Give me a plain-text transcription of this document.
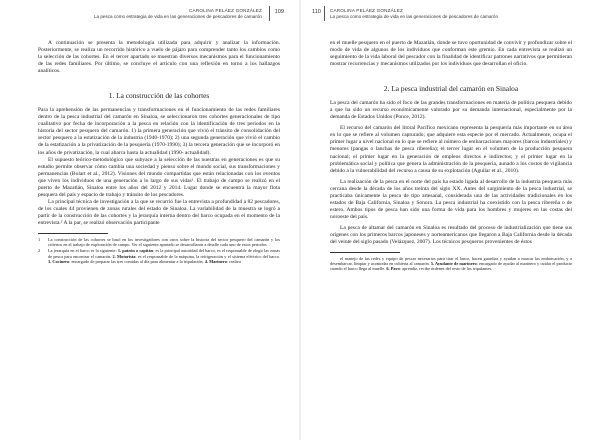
CAROLINA PELÁEZ GONZÁLEZ
La pesca como estrategia de vida en las generaciones de pescadores de camarón
109

A continuación se presenta la metodología utilizada para adquirir y analizar la información. Posteriormente, se realiza un recorrido histórico a vuelo de pájaro para comprender tanto los cambios como la selección de las cohortes. En el tercer apartado se muestran diversos mecanismos para el funcionamiento de las redes familiares. Por último, se concluye el artículo con una reflexión en torno a los hallazgos analíticos.

1. La construcción de las cohortes

Para la aprehensión de las permanencias y transformaciones en el funcionamiento de las redes familiares dentro de la pesca industrial del camarón en Sinaloa, se seleccionaron tres cohortes generacionales de tipo cualitativo por fecha de incorporación a la pesca en relación con la identificación de tres periodos en la historia del sector pesquero del camarón. 1) la primera generación que vivió el tránsito de consolidación del sector pesquero a la estatización de la industria (1940-1970); 2) una segunda generación que vivió el cambio de la estatización a la privatización de la pesquería (1970-1990); 3) la tercera generación que se incorporó en los años de privatización, la cual abarca hasta la actualidad (1990- actualidad).

El supuesto teórico-metodológico que subyace a la selección de las nuestras en generaciones es que su estudio permite observar cómo cambia una sociedad y pienso sobre el mundo social, sus transformaciones y permanencias (Bolart et al., 2012). Visiones del mundo compartidas que están relacionadas con los eventos que viven los individuos de una generación a lo largo de sus vidas¹. El trabajo de campo se realizó en el puerto de Mazatlán, Sinaloa entre los años del 2012 y 2014. Lugar donde se encuentra la mayor flota pesquera del país y espacio de trabajo y tránsito de los pescadores.

La principal técnica de investigación a la que se recurrió fue la entrevista a profundidad a 82 pescadores, de los cuales 44 provienen de zonas rurales del estado de Sinaloa. La variabilidad de la muestra se logró a partir de la construcción de las cohortes y la jerarquía interna dentro del barco ocupada en el momento de la entrevista.² A la par, se realizó observación participante

1 La construcción de las cohortes se basó en los investigadores con otros sobre la historia del sector pesquero del camarón y los criterios en el trabajo de exploración de campo. Ver el siguiente apartado se desarrollaron a detalle cada uno de estos periodos.

2 La jerarquía en el barco es la siguiente: 1. patrón o capitán: es la principal autoridad del barco, es el responsable de elegir las zonas de pesca para encontrar el camarón. 2. Motorista: es el responsable de la máquina, la refrigeración y el sistema eléctrico del barco. 3. Cocinero: encargado de preparar las tres comidas al día para alimentar a la tripulación. 4. Marinero: realiza

110 CAROLINA PELÁEZ GONZÁLEZ
La pesca como estrategia de vida en las generaciones de pescadores de camarón

en el muelle pesquero en el puerto de Mazatlán, donde se tuvo oportunidad de convivir y profundizar sobre el modo de vida de algunos de los individuos que conforman este gremio. En cada entrevista se realizó un seguimiento de la vida laboral del pescador con la finalidad de identificar patrones narrativos que permitieran mostrar recurrencias y mecanismos utilizados por los individuos que desarrollan el oficio.

2. La pesca industrial del camarón en Sinaloa

La pesca del camarón ha sido el foco de las grandes transformaciones en materia de política pesquera debido a que ha sido un recurso económicamente valorado por su demanda internacional, especialmente por la demanda de Estados Unidos (Ponce, 2012).

El recurso del camarón del litoral Pacífico mexicano representa la pesquería más importante en su área en lo que se refiere al volumen capturado; que adquiere esta especie por el mercado. Actualmente, ocupa el primer lugar a nivel nacional en lo que se refiere al número de embarcaciones mayores (barcos industriales) y menores (pangas o lanchas de pesca ribereña); el tercer lugar en el volumen de la producción pesquera nacional; el primer lugar en la generación de empleos directos e indirectos; y el primer lugar en la problemática social y política que genera la administración de la pesquería, aunado a los costos de vigilancia debido a la vulnerabilidad del recurso a causa de su explotación (Aguilar et al., 2010).

La realización de la pesca en el norte del país ha estado ligada al desarrollo de la industria pesquera más cercana desde la década de los años treinta del siglo XX. Antes del surgimiento de la pesca industrial, se practicaba únicamente la pesca de tipo artesanal, considerada una de las actividades tradicionales en los estados de Baja California, Sinaloa y Sonora. La pesca industrial ha coexistido con la pesca ribereña o de estero. Ambos tipos de pesca han sido una forma de vida para los hombres y mujeres en las costas del noroeste del país.

La pesca de altamar del camarón en Sinaloa es resultado del proceso de industrialización que tiene sus orígenes con los primeros barcos japoneses y norteamericanos que llegaron a Baja California desde la década del veinte del siglo pasado (Velázquez, 2007). Los técnicos pesqueros provenientes de éstos

el manejo de las redes y equipo de pescar necesarios para tirar el lance, hacen guardias y ayudan a marcar las embarcación, y a desembarcar, limpiar y acomodar en cubierta al camarón. 5. Ayudante de marinero: encargado de ayudar al marinero y cuidar el producto cuando el barco llega al muelle. 6. Pavo: aprendiz, recibe órdenes del resto de los tripulantes.
